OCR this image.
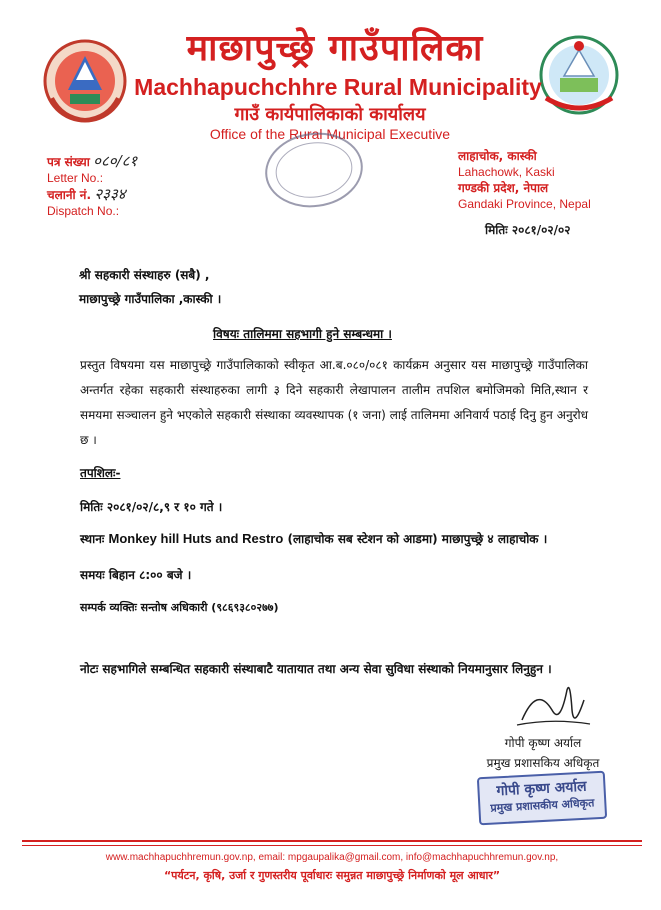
माछापुच्छ्रे गाउँपालिका
Machhapuchchhre Rural Municipality
गाउँ कार्यपालिकाको कार्यालय
Office of the Rural Municipal Executive
पत्र संख्या ०८०/८१
Letter No.:
चलानी नं. २३३४
Dispatch No.:
लाहाचोक, कास्की
Lahachowk, Kaski
गण्डकी प्रदेश, नेपाल
Gandaki Province, Nepal
मितिः २०८१/०२/०२
श्री सहकारी संस्थाहरु (सबै) ,
माछापुच्छ्रे गाउँपालिका ,कास्की ।
विषयः तालिममा सहभागी हुने सम्बन्धमा ।
प्रस्तुत विषयमा यस माछापुच्छ्रे गाउँपालिकाको स्वीकृत आ.ब.०८०/०८१ कार्यक्रम अनुसार यस माछापुच्छ्रे गाउँपालिका अन्तर्गत रहेका सहकारी संस्थाहरुका लागी ३ दिने सहकारी लेखापालन तालीम तपशिल बमोजिमको मिति,स्थान र समयमा सञ्चालन हुने भएकोले सहकारी संस्थाका व्यवस्थापक (१ जना) लाई तालिममा अनिवार्य पठाई दिनु हुन अनुरोध छ ।
तपशिलः-
मितिः २०८१/०२/८,९ र १० गते ।
स्थानः Monkey hill Huts and Restro (लाहाचोक सब स्टेशन को आडमा) माछापुच्छ्रे ४ लाहाचोक ।
समयः बिहान ८:०० बजे ।
सम्पर्क व्यक्तिः सन्तोष अधिकारी (९८६९३८०२७७)
नोटः सहभागिले सम्बन्धित सहकारी संस्थाबाटै यातायात तथा अन्य सेवा सुविधा संस्थाको नियमानुसार लिनुहुन ।
गोपी कृष्ण अर्याल
प्रमुख प्रशासकिय अधिकृत
गोपी कृष्ण अर्याल
प्रमुख प्रशासकीय अधिकृत
www.machhapuchhremun.gov.np, email: mpgaupalika@gmail.com, info@machhapuchhremun.gov.np,
“पर्यटन, कृषि, उर्जा र गुणस्तरीय पूर्वाधारः समुन्नत माछापुच्छ्रे निर्माणको मूल आधार”
